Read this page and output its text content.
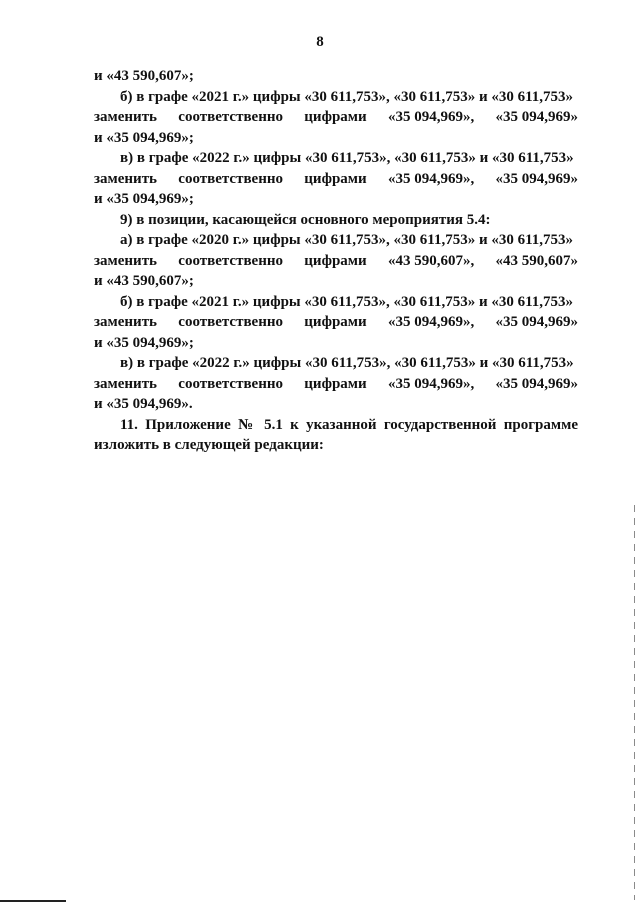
8
и «43 590,607»;
б) в графе «2021 г.» цифры «30 611,753», «30 611,753» и «30 611,753»
заменить соответственно цифрами «35 094,969», «35 094,969»
и «35 094,969»;
в) в графе «2022 г.» цифры «30 611,753», «30 611,753» и «30 611,753»
заменить соответственно цифрами «35 094,969», «35 094,969»
и «35 094,969»;
9) в позиции, касающейся основного мероприятия 5.4:
а) в графе «2020 г.» цифры «30 611,753», «30 611,753» и «30 611,753»
заменить соответственно цифрами «43 590,607», «43 590,607»
и «43 590,607»;
б) в графе «2021 г.» цифры «30 611,753», «30 611,753» и «30 611,753»
заменить соответственно цифрами «35 094,969», «35 094,969»
и «35 094,969»;
в) в графе «2022 г.» цифры «30 611,753», «30 611,753» и «30 611,753»
заменить соответственно цифрами «35 094,969», «35 094,969»
и «35 094,969».
11. Приложение № 5.1 к указанной государственной программе изложить в следующей редакции:
